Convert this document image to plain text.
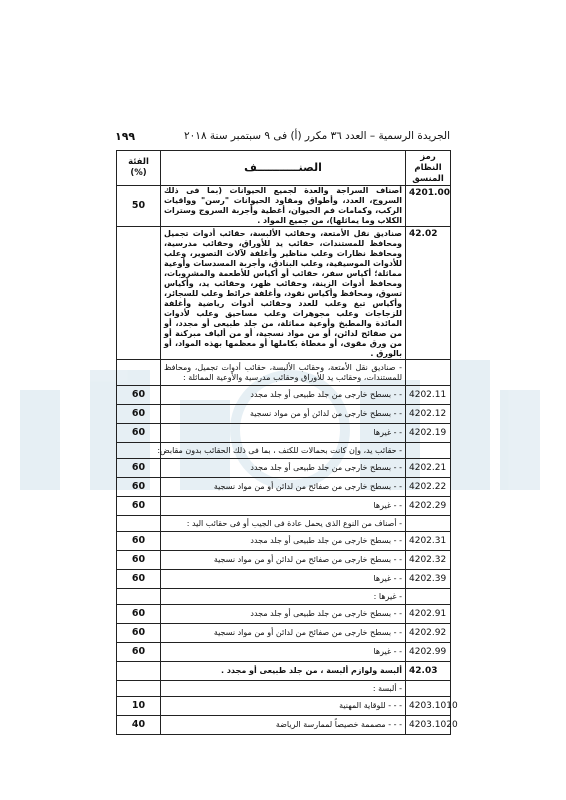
١٩٩	الجريدة الرسمية – العدد ٣٦ مكرر (أ) فى ٩ سبتمبر سنة ٢٠١٨
الفئة (%)	الصنـــــــــــف	رمز النظام المنسق
50	أصناف السراجة والعدة لجميع الحيوانات (بما فى ذلك السروج، العدد، وأطواق ومقاود الحيوانات "رسن" وواقيات الركب، وكمامات فم الحيوان، أغطية وأجربة السروج وسترات الكلاب وما يماثلها)، من جميع المواد .	4201.00
	صناديق نقل الأمتعة، وحقائب الألبسة، حقائب أدوات تجميل ومحافظ للمستندات، حقائب يد للأوراق، وحقائب مدرسية، ومحافظ نظارات وعلب مناظير وأغلفة لآلات التصوير، وعلب للأدوات الموسيقية، وعلب البنادق، وأجربة المسدسات وأوعية مماثلة؛ أكياس سفر، حقائب أو أكياس للأطعمة والمشروبات، ومحافظ أدوات الزينة، وحقائب ظهر، وحقائب يد، وأكياس تسوق، ومحافظ وأكياس نقود، وأغلفة خرائط وعلب للسجائر، وأكياس تبغ وعلب للعدد وحقائب أدوات رياضية وأغلفة للزجاجات وعلب مجوهرات وعلب مساحيق وعلب لأدوات المائدة والمطبخ وأوعية مماثلة، من جلد طبيعى أو مجدد، أو من صفائح لدائن، أو من مواد نسجية، أو من ألياف مبركنة أو من ورق مقوى، أو مغطاة بكاملها أو معظمها بهذه المواد، أو بالورق .	42.02
	- صناديق نقل الأمتعة، وحقائب الألبسة، حقائب أدوات تجميل، ومحافظ للمستندات، وحقائب يد للأوراق وحقائب مدرسية والأوعية المماثلة :	
60	- - بسطح خارجى من جلد طبيعى أو جلد مجدد	4202.11
60	- - بسطح خارجى من لدائن أو من مواد نسجية	4202.12
60	- - غيرها	4202.19
	- حقائب يد، وإن كانت بحمالات للكتف ، بما فى ذلك الحقائب بدون مقابض:	
60	- - بسطح خارجى من جلد طبيعى أو جلد مجدد	4202.21
60	- - بسطح خارجى من صفائح من لدائن أو من مواد نسجية	4202.22
60	- - غيرها	4202.29
	- أصناف من النوع الذى يحمل عادة فى الجيب أو فى حقائب اليد :	
60	- - بسطح خارجى من جلد طبيعى أو جلد مجدد	4202.31
60	- - بسطح خارجى من صفائح من لدائن أو من مواد نسجية	4202.32
60	- - غيرها	4202.39
	- غيرها :	
60	- - بسطح خارجى من جلد طبيعى أو جلد مجدد	4202.91
60	- - بسطح خارجى من صفائح من لدائن أو من مواد نسجية	4202.92
60	- - غيرها	4202.99
	ألبسة ولوازم ألبسة ، من جلد طبيعى أو مجدد .	42.03
	- ألبسة :	
10	- - - للوقاية المهنية	4203.1010
40	- - - مصممة خصيصاً لممارسة الرياضة	4203.1020
